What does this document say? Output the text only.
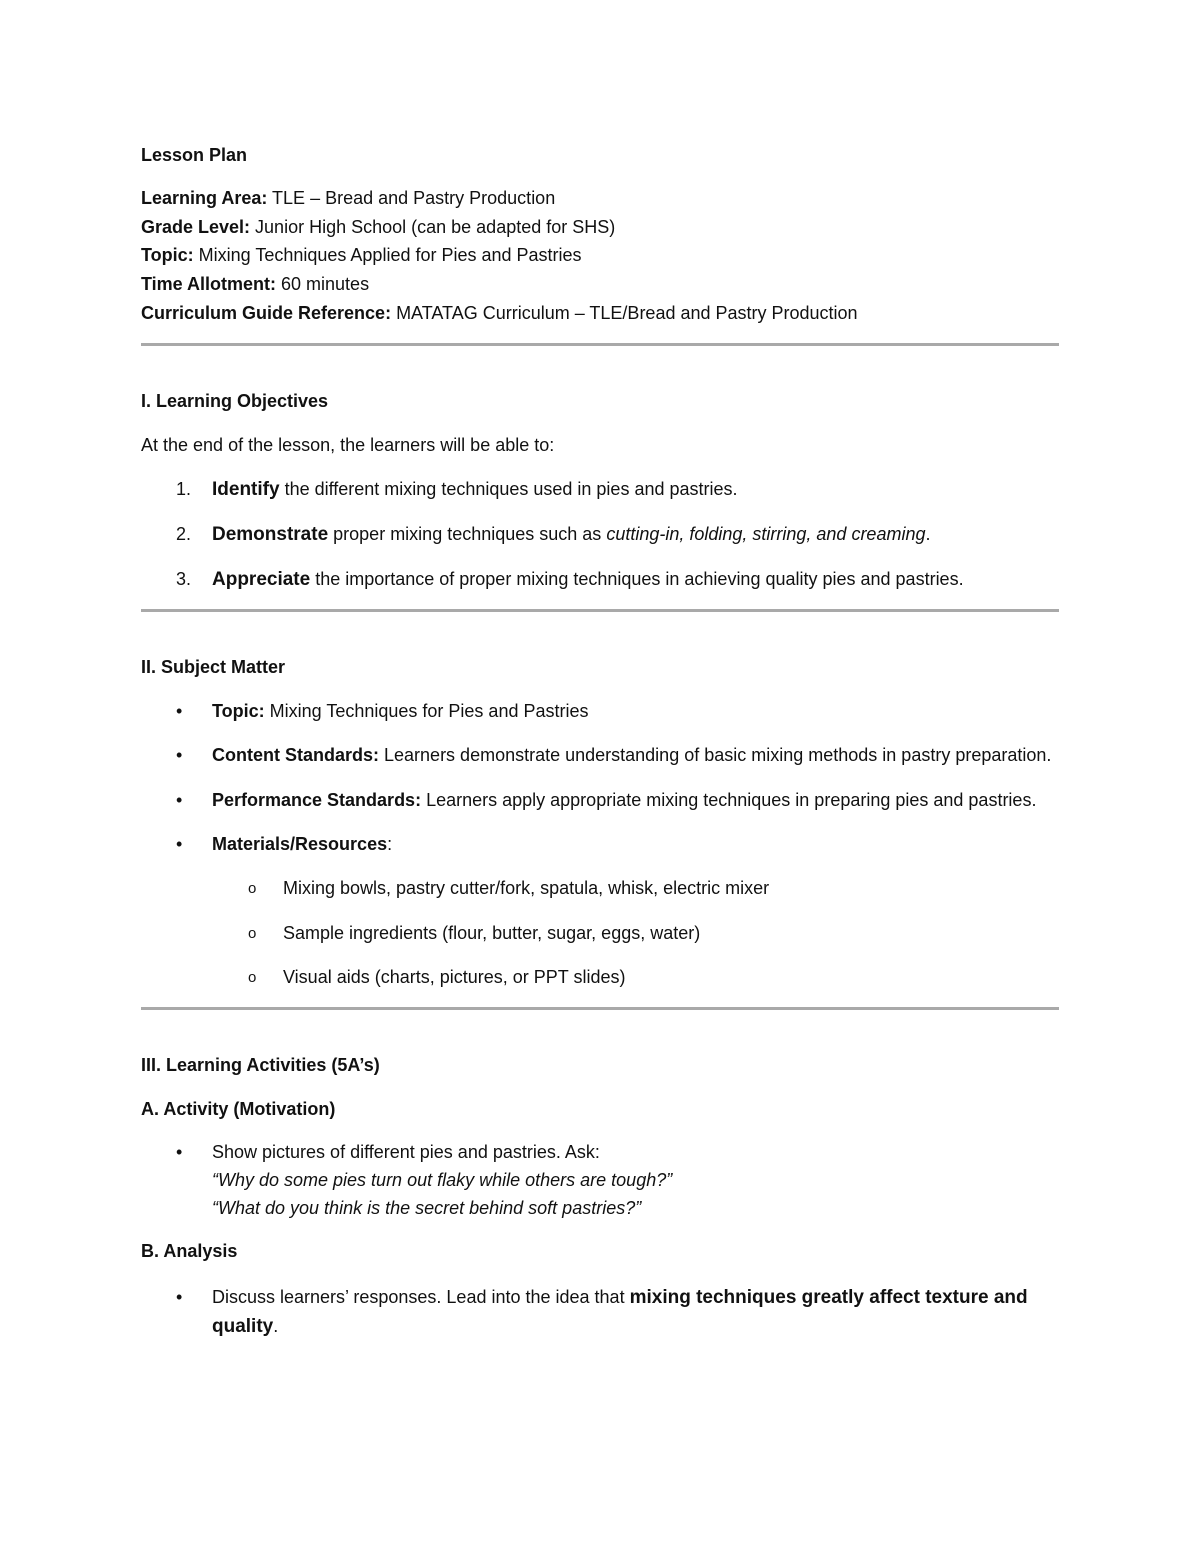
Lesson Plan
Learning Area: TLE – Bread and Pastry Production
Grade Level: Junior High School (can be adapted for SHS)
Topic: Mixing Techniques Applied for Pies and Pastries
Time Allotment: 60 minutes
Curriculum Guide Reference: MATATAG Curriculum – TLE/Bread and Pastry Production
I. Learning Objectives
At the end of the lesson, the learners will be able to:
1. Identify the different mixing techniques used in pies and pastries.
2. Demonstrate proper mixing techniques such as cutting-in, folding, stirring, and creaming.
3. Appreciate the importance of proper mixing techniques in achieving quality pies and pastries.
II. Subject Matter
• Topic: Mixing Techniques for Pies and Pastries
• Content Standards: Learners demonstrate understanding of basic mixing methods in pastry preparation.
• Performance Standards: Learners apply appropriate mixing techniques in preparing pies and pastries.
• Materials/Resources:
o Mixing bowls, pastry cutter/fork, spatula, whisk, electric mixer
o Sample ingredients (flour, butter, sugar, eggs, water)
o Visual aids (charts, pictures, or PPT slides)
III. Learning Activities (5A’s)
A. Activity (Motivation)
• Show pictures of different pies and pastries. Ask:
“Why do some pies turn out flaky while others are tough?”
“What do you think is the secret behind soft pastries?”
B. Analysis
• Discuss learners’ responses. Lead into the idea that mixing techniques greatly affect texture and quality.
